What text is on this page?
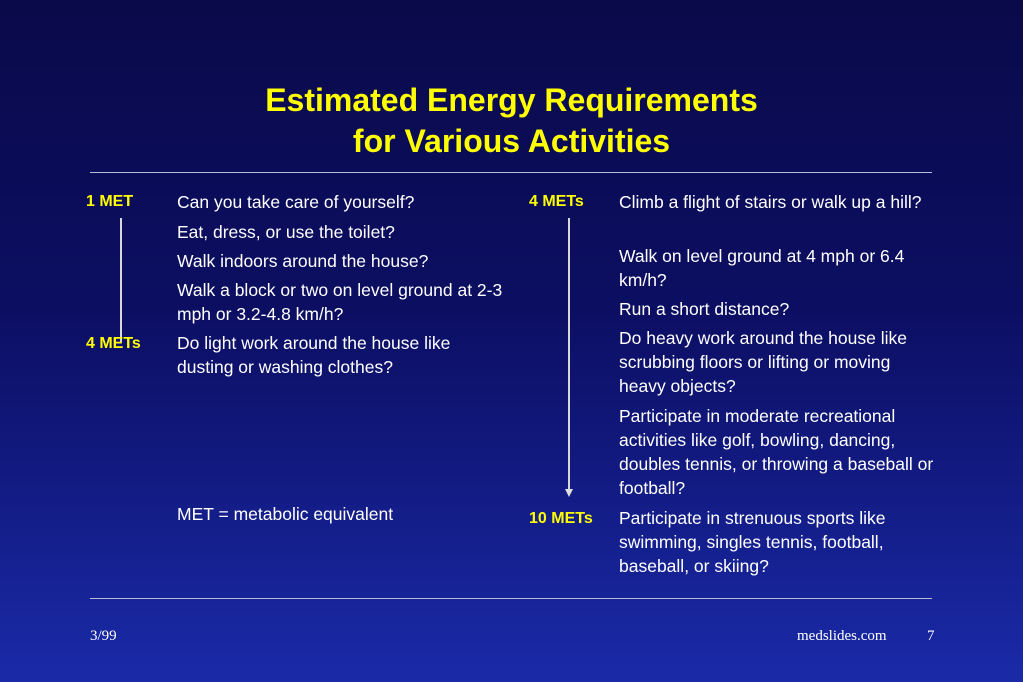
Estimated Energy Requirements
for Various Activities
1 MET
4 METs
Can you take care of yourself?
Eat, dress, or use the toilet?
Walk indoors around the house?
Walk a block or two on level ground at 2-3 mph or 3.2-4.8 km/h?
Do light work around the house like dusting or washing clothes?
MET = metabolic equivalent
4 METs
10 METs
Climb a flight of stairs or walk up a hill?
Walk on level ground at 4 mph or 6.4 km/h?
Run a short distance?
Do heavy work around the house like scrubbing floors or lifting or moving heavy objects?
Participate in moderate recreational activities like golf, bowling, dancing, doubles tennis, or throwing a baseball or football?
Participate in strenuous sports like swimming, singles tennis, football, baseball, or skiing?
3/99	medslides.com	7
